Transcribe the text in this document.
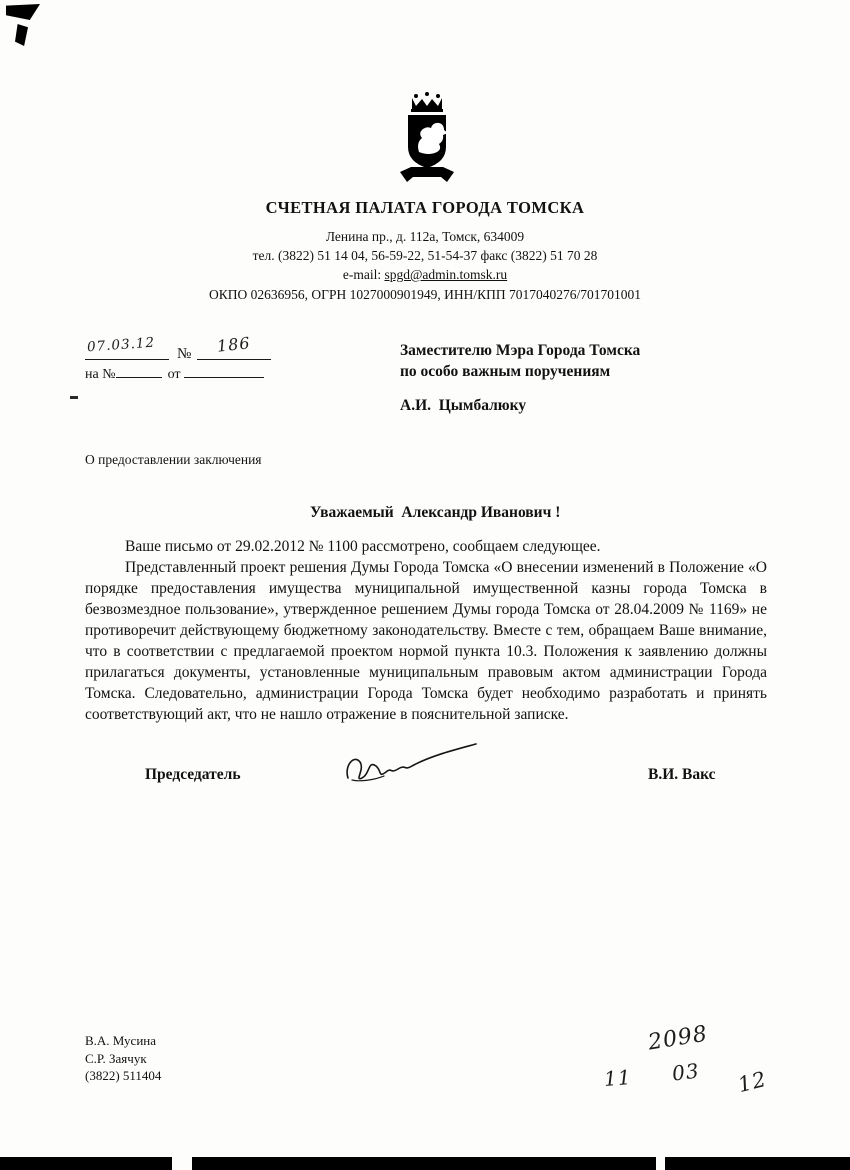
СЧЕТНАЯ ПАЛАТА ГОРОДА ТОМСКА
Ленина пр., д. 112а, Томск, 634009
тел. (3822) 51 14 04, 56-59-22, 51-54-37 факс (3822) 51 70 28
e-mail: spgd@admin.tomsk.ru
ОКПО 02636956, ОГРН 1027000901949, ИНН/КПП 7017040276/701701001
07.03.12 № 186
на №	от
Заместителю Мэра Города Томска
по особо важным поручениям
А.И.  Цымбалюку
О предоставлении заключения
Уважаемый  Александр Иванович !

Ваше письмо от 29.02.2012 № 1100 рассмотрено, сообщаем следующее.

Представленный проект решения Думы Города Томска «О внесении изменений в Положение «О порядке предоставления имущества муниципальной имущественной казны города Томска в безвозмездное пользование», утвержденное решением Думы города Томска от 28.04.2009 № 1169» не противоречит действующему бюджетному законодательству. Вместе с тем, обращаем Ваше внимание, что в соответствии с предлагаемой проектом нормой пункта 10.3. Положения к заявлению должны прилагаться документы, установленные муниципальным правовым актом администрации Города Томска. Следовательно, администрации Города Томска будет необходимо разработать и принять соответствующий акт, что не нашло отражение в пояснительной записке.

Председатель	В.И. Вакс
В.А. Мусина
С.Р. Заячук
(3822) 511404
2098
11 03 12
